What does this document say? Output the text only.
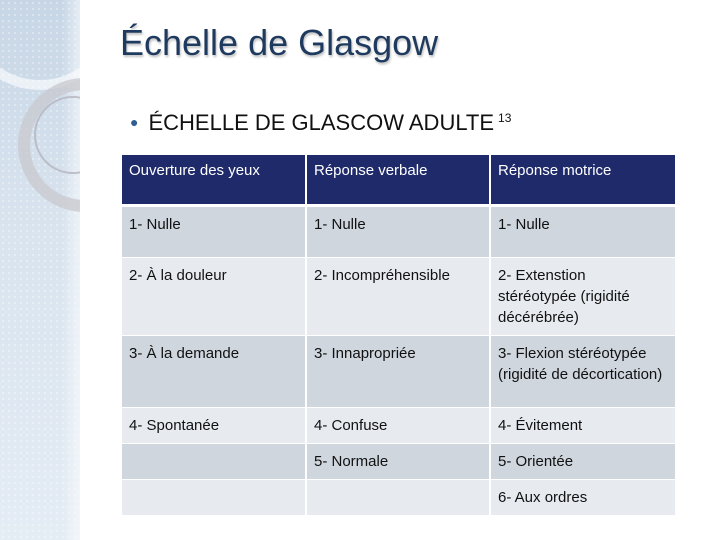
Échelle de Glasgow
● ÉCHELLE DE GLASCOW ADULTE $^{13}$
Ouverture des yeux	Réponse verbale	Réponse motrice
1- Nulle	1- Nulle	1- Nulle
2- À la douleur	2- Incompréhensible	2- Extenstion stéréotypée (rigidité décérébrée)
3- À la demande	3- Innapropriée	3- Flexion stéréotypée (rigidité de décortication)
4- Spontanée	4- Confuse	4- Évitement
	5- Normale	5- Orientée
		6- Aux ordres
